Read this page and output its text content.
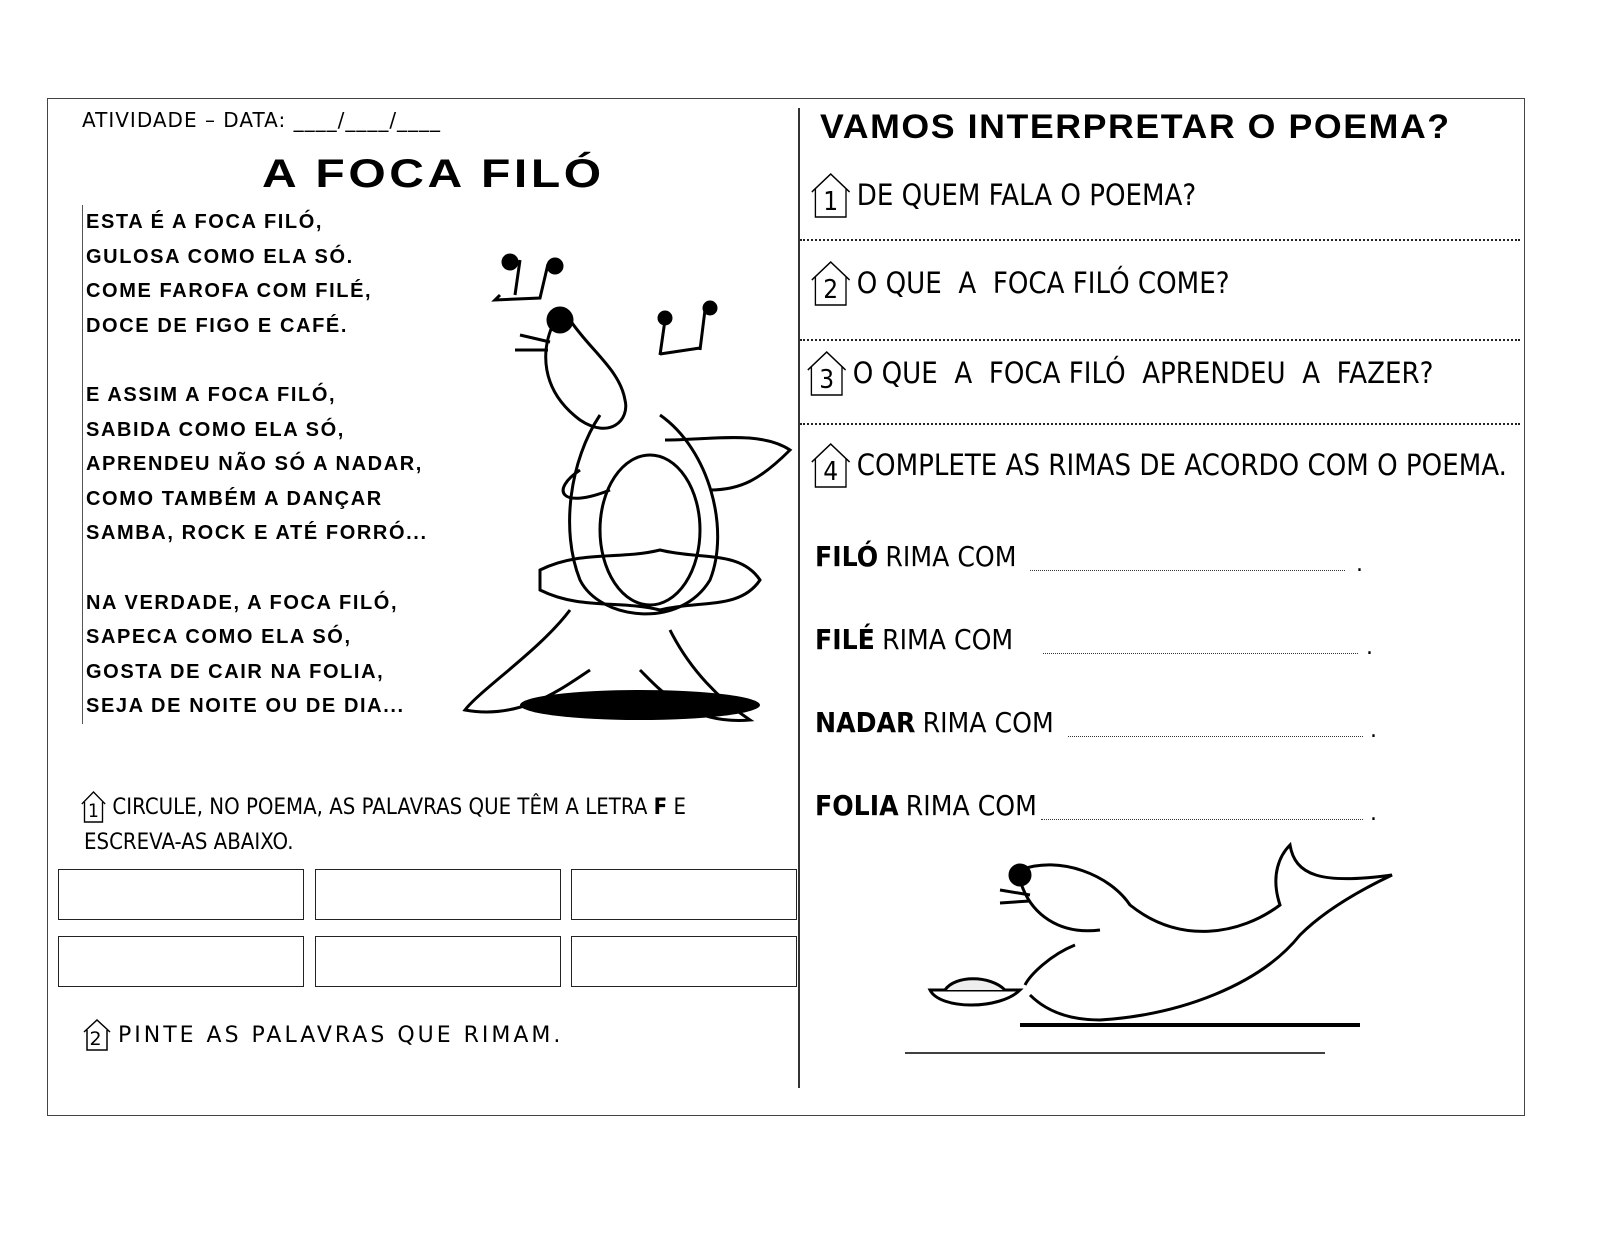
ATIVIDADE – DATA: ____/____/____
A FOCA FILÓ
ESTA É A FOCA FILÓ,
GULOSA COMO ELA SÓ.
COME FAROFA COM FILÉ,
DOCE DE FIGO E CAFÉ.
E ASSIM A FOCA FILÓ,
SABIDA COMO ELA SÓ,
APRENDEU NÃO SÓ A NADAR,
COMO TAMBÉM A DANÇAR
SAMBA, ROCK E ATÉ FORRÓ...
NA VERDADE, A FOCA FILÓ,
SAPECA COMO ELA SÓ,
GOSTA DE CAIR NA FOLIA,
SEJA DE NOITE OU DE DIA...
1 CIRCULE, NO POEMA, AS PALAVRAS QUE TÊM A LETRA F E
ESCREVA-AS ABAIXO.
2 PINTE AS PALAVRAS QUE RIMAM.
VAMOS INTERPRETAR O POEMA?
1 DE QUEM FALA O POEMA?
2 O QUE  A  FOCA FILÓ COME?
3 O QUE  A  FOCA FILÓ  APRENDEU  A  FAZER?
4 COMPLETE AS RIMAS DE ACORDO COM O POEMA.
FILÓ RIMA COM	.
FILÉ RIMA COM	.
NADAR RIMA COM	.
FOLIA RIMA COM	.
